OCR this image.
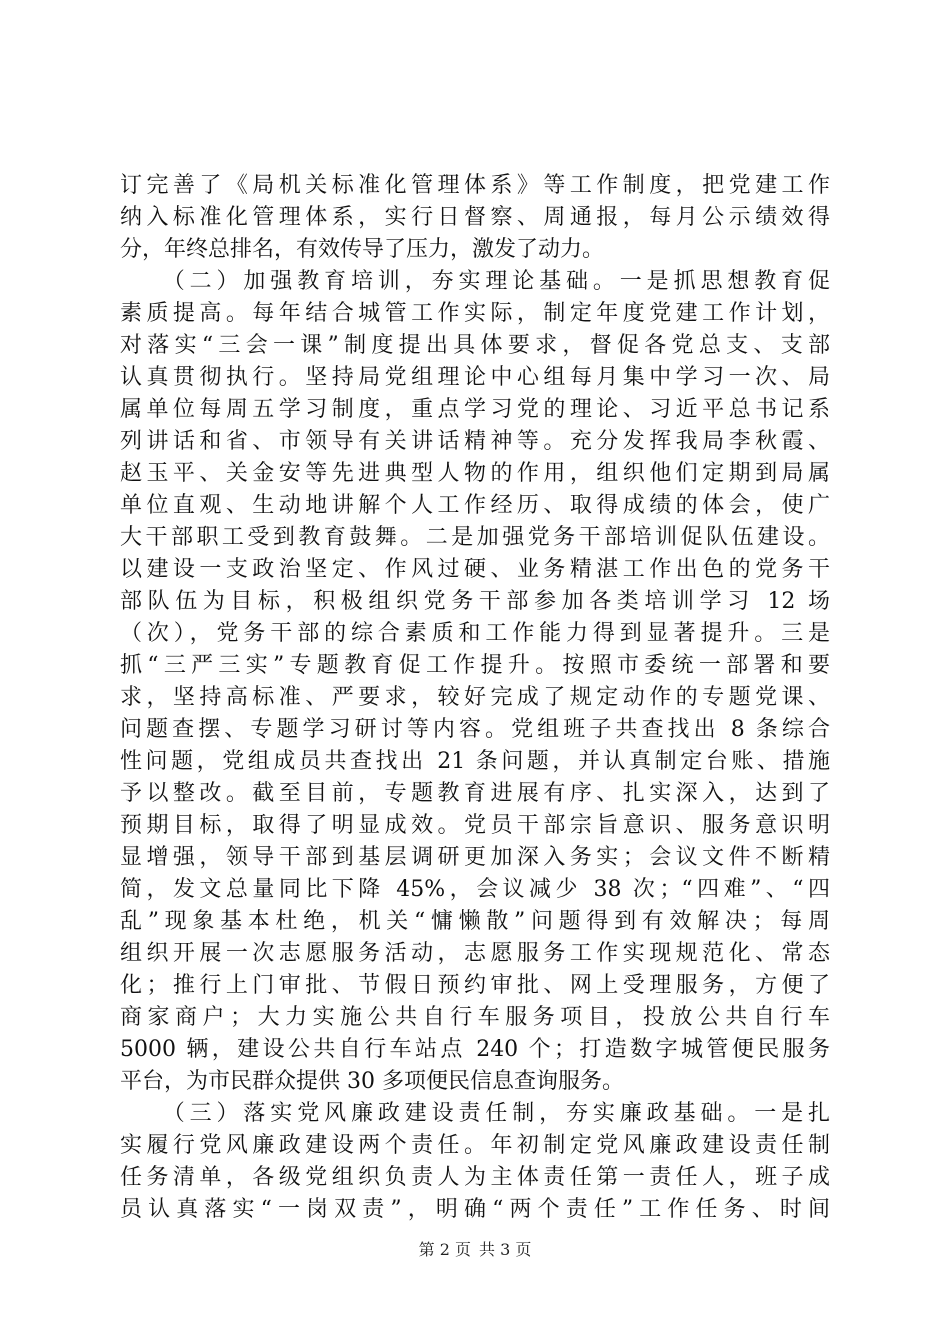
订完善了《局机关标准化管理体系》等工作制度，把党建工作
纳入标准化管理体系，实行日督察、周通报，每月公示绩效得
分，年终总排名，有效传导了压力，激发了动力。
　　（二）加强教育培训，夯实理论基础。一是抓思想教育促
素质提高。每年结合城管工作实际，制定年度党建工作计划，
对落实“三会一课”制度提出具体要求，督促各党总支、支部
认真贯彻执行。坚持局党组理论中心组每月集中学习一次、局
属单位每周五学习制度，重点学习党的理论、习近平总书记系
列讲话和省、市领导有关讲话精神等。充分发挥我局李秋霞、
赵玉平、关金安等先进典型人物的作用，组织他们定期到局属
单位直观、生动地讲解个人工作经历、取得成绩的体会，使广
大干部职工受到教育鼓舞。二是加强党务干部培训促队伍建设。
以建设一支政治坚定、作风过硬、业务精湛工作出色的党务干
部队伍为目标，积极组织党务干部参加各类培训学习 12 场
（次），党务干部的综合素质和工作能力得到显著提升。三是
抓“三严三实”专题教育促工作提升。按照市委统一部署和要
求，坚持高标准、严要求，较好完成了规定动作的专题党课、
问题查摆、专题学习研讨等内容。党组班子共查找出 8 条综合
性问题，党组成员共查找出 21 条问题，并认真制定台账、措施
予以整改。截至目前，专题教育进展有序、扎实深入，达到了
预期目标，取得了明显成效。党员干部宗旨意识、服务意识明
显增强，领导干部到基层调研更加深入务实；会议文件不断精
简，发文总量同比下降 45%，会议减少 38 次；“四难”、“四
乱”现象基本杜绝，机关“慵懒散”问题得到有效解决；每周
组织开展一次志愿服务活动，志愿服务工作实现规范化、常态
化；推行上门审批、节假日预约审批、网上受理服务，方便了
商家商户；大力实施公共自行车服务项目，投放公共自行车
5000 辆，建设公共自行车站点 240 个；打造数字城管便民服务
平台，为市民群众提供 30 多项便民信息查询服务。
　　（三）落实党风廉政建设责任制，夯实廉政基础。一是扎
实履行党风廉政建设两个责任。年初制定党风廉政建设责任制
任务清单，各级党组织负责人为主体责任第一责任人，班子成
员认真落实“一岗双责”，明确“两个责任”工作任务、时间
第 2 页 共 3 页
